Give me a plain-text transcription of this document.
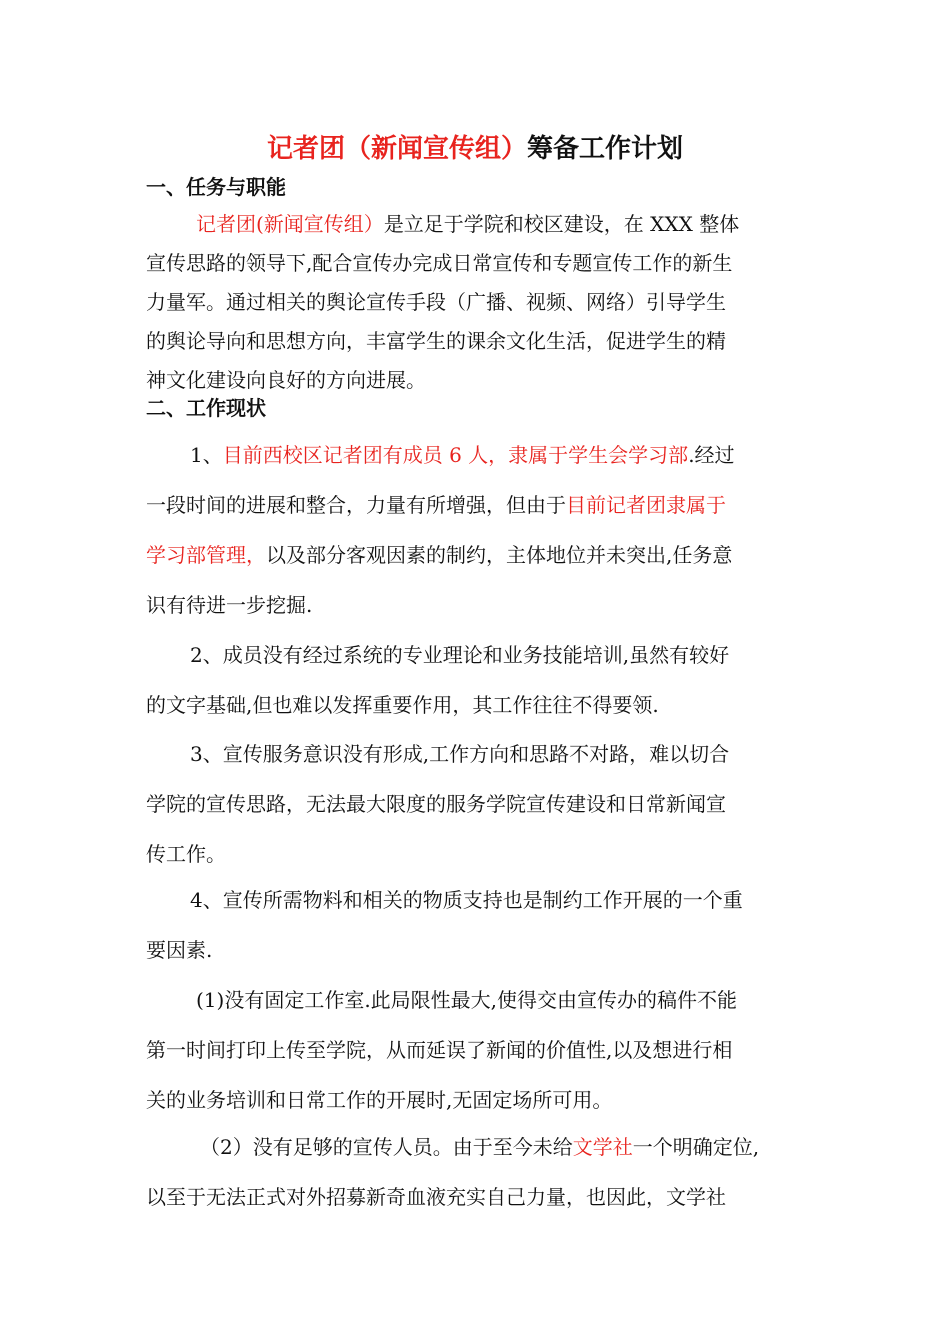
记者团（新闻宣传组）筹备工作计划
一、任务与职能
记者团(新闻宣传组）是立足于学院和校区建设，在 XXX 整体
宣传思路的领导下,配合宣传办完成日常宣传和专题宣传工作的新生
力量军。通过相关的舆论宣传手段（广播、视频、网络）引导学生
的舆论导向和思想方向，丰富学生的课余文化生活，促进学生的精
神文化建设向良好的方向进展。
二、工作现状
1、目前西校区记者团有成员 6 人，隶属于学生会学习部.经过
一段时间的进展和整合，力量有所增强，但由于目前记者团隶属于
学习部管理，以及部分客观因素的制约，主体地位并未突出,任务意
识有待进一步挖掘.
2、成员没有经过系统的专业理论和业务技能培训,虽然有较好
的文字基础,但也难以发挥重要作用，其工作往往不得要领.
3、宣传服务意识没有形成,工作方向和思路不对路，难以切合
学院的宣传思路，无法最大限度的服务学院宣传建设和日常新闻宣
传工作。
4、宣传所需物料和相关的物质支持也是制约工作开展的一个重
要因素.
(1)没有固定工作室.此局限性最大,使得交由宣传办的稿件不能
第一时间打印上传至学院，从而延误了新闻的价值性,以及想进行相
关的业务培训和日常工作的开展时,无固定场所可用。
（2）没有足够的宣传人员。由于至今未给文学社一个明确定位,
以至于无法正式对外招募新奇血液充实自己力量，也因此，文学社
